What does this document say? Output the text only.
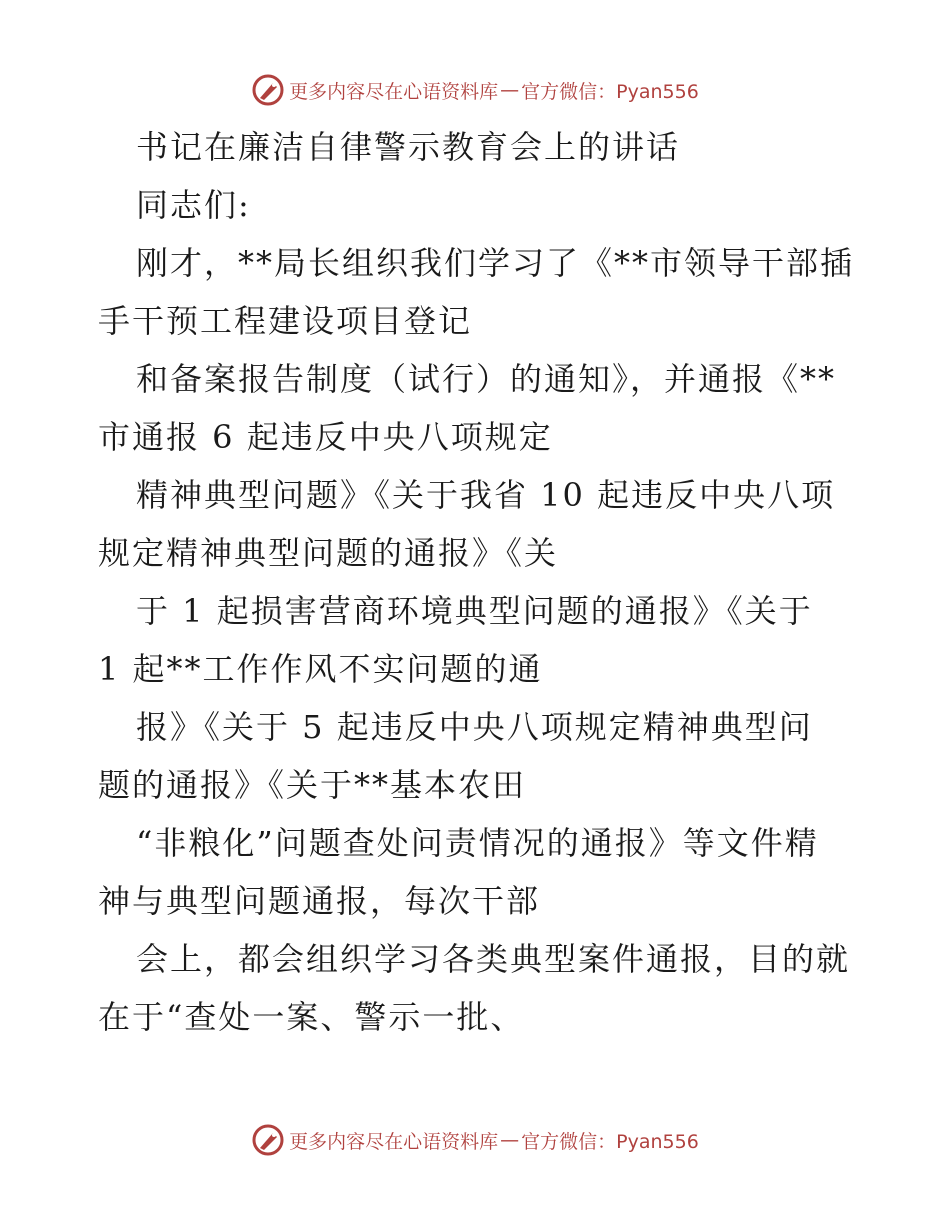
更多内容尽在心语资料库 — 官方微信：Pyan556

书记在廉洁自律警示教育会上的讲话

同志们:

刚才，**局长组织我们学习了《**市领导干部插

手干预工程建设项目登记

和备案报告制度（试行）的通知》，并通报《**

市通报 6 起违反中央八项规定

精神典型问题》《关于我省 10 起违反中央八项

规定精神典型问题的通报》《关

于 1 起损害营商环境典型问题的通报》《关于

1 起**工作作风不实问题的通

报》《关于 5 起违反中央八项规定精神典型问

题的通报》《关于**基本农田

“非粮化”问题查处问责情况的通报》等文件精

神与典型问题通报，每次干部

会上，都会组织学习各类典型案件通报，目的就

在于“查处一案、警示一批、

更多内容尽在心语资料库 — 官方微信：Pyan556
